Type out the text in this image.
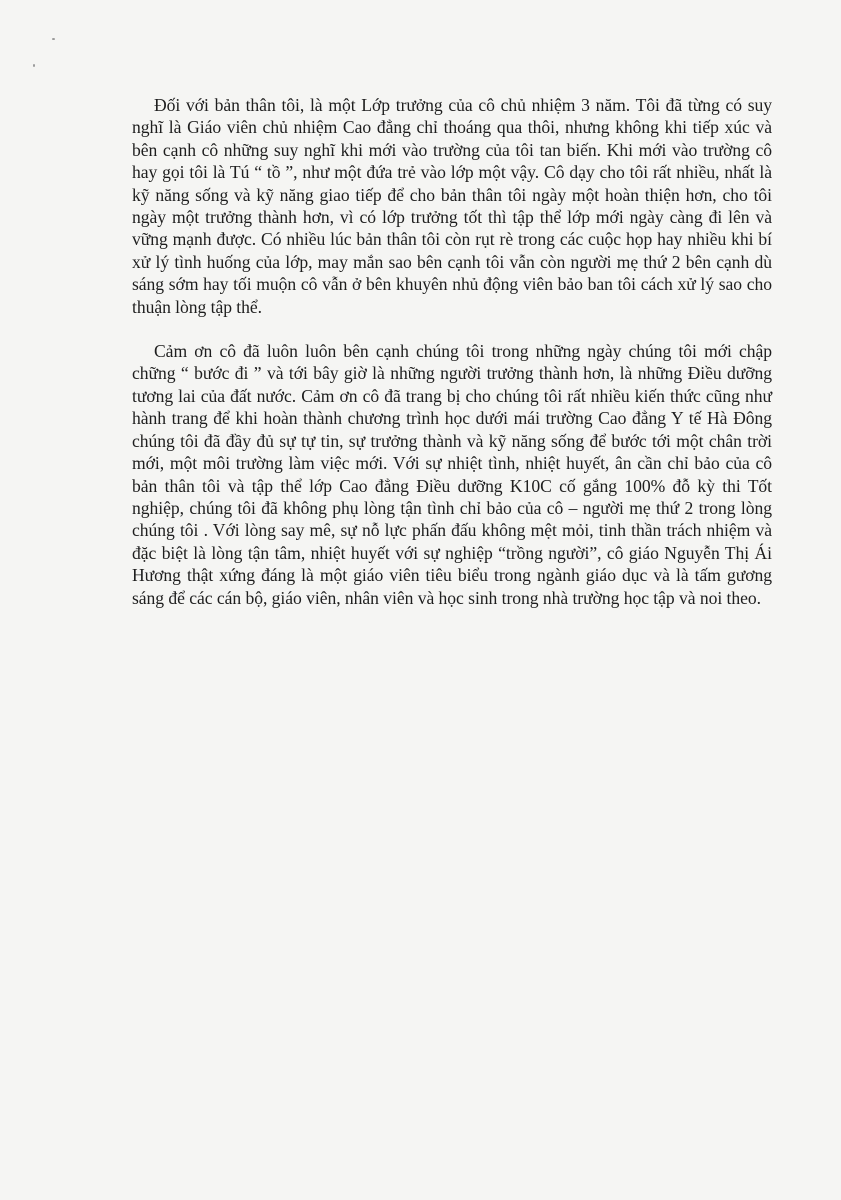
Đối với bản thân tôi, là một Lớp trưởng của cô chủ nhiệm 3 năm. Tôi đã từng có suy nghĩ là Giáo viên chủ nhiệm Cao đẳng chỉ thoáng qua thôi, nhưng không khi tiếp xúc và bên cạnh cô những suy nghĩ khi mới vào trường của tôi tan biến. Khi mới vào trường cô hay gọi tôi là Tú “ tồ ”, như một đứa trẻ vào lớp một vậy. Cô dạy cho tôi rất nhiều, nhất là kỹ năng sống và kỹ năng giao tiếp để cho bản thân tôi ngày một hoàn thiện hơn, cho tôi ngày một trưởng thành hơn, vì có lớp trưởng tốt thì tập thể lớp mới ngày càng đi lên và vững mạnh được. Có nhiều lúc bản thân tôi còn rụt rè trong các cuộc họp hay nhiều khi bí xử lý tình huống của lớp, may mắn sao bên cạnh tôi vẫn còn người mẹ thứ 2 bên cạnh dù sáng sớm hay tối muộn cô vẫn ở bên khuyên nhủ động viên bảo ban tôi cách xử lý sao cho thuận lòng tập thể.

Cảm ơn cô đã luôn luôn bên cạnh chúng tôi trong những ngày chúng tôi mới chập chững “ bước đi ” và tới bây giờ là những người trưởng thành hơn, là những Điều dưỡng tương lai của đất nước. Cảm ơn cô đã trang bị cho chúng tôi rất nhiều kiến thức cũng như hành trang để khi hoàn thành chương trình học dưới mái trường Cao đẳng Y tế Hà Đông chúng tôi đã đầy đủ sự tự tin, sự trưởng thành và kỹ năng sống để bước tới một chân trời mới, một môi trường làm việc mới. Với sự nhiệt tình, nhiệt huyết, ân cần chỉ bảo của cô bản thân tôi và tập thể lớp Cao đẳng Điều dưỡng K10C cố gắng 100% đỗ kỳ thi Tốt nghiệp, chúng tôi đã không phụ lòng tận tình chỉ bảo của cô – người mẹ thứ 2 trong lòng chúng tôi . Với lòng say mê, sự nỗ lực phấn đấu không mệt mỏi, tinh thần trách nhiệm và đặc biệt là lòng tận tâm, nhiệt huyết với sự nghiệp “trồng người”, cô giáo Nguyễn Thị Ái Hương thật xứng đáng là một giáo viên tiêu biểu trong ngành giáo dục và là tấm gương sáng để các cán bộ, giáo viên, nhân viên và học sinh trong nhà trường học tập và noi theo.
